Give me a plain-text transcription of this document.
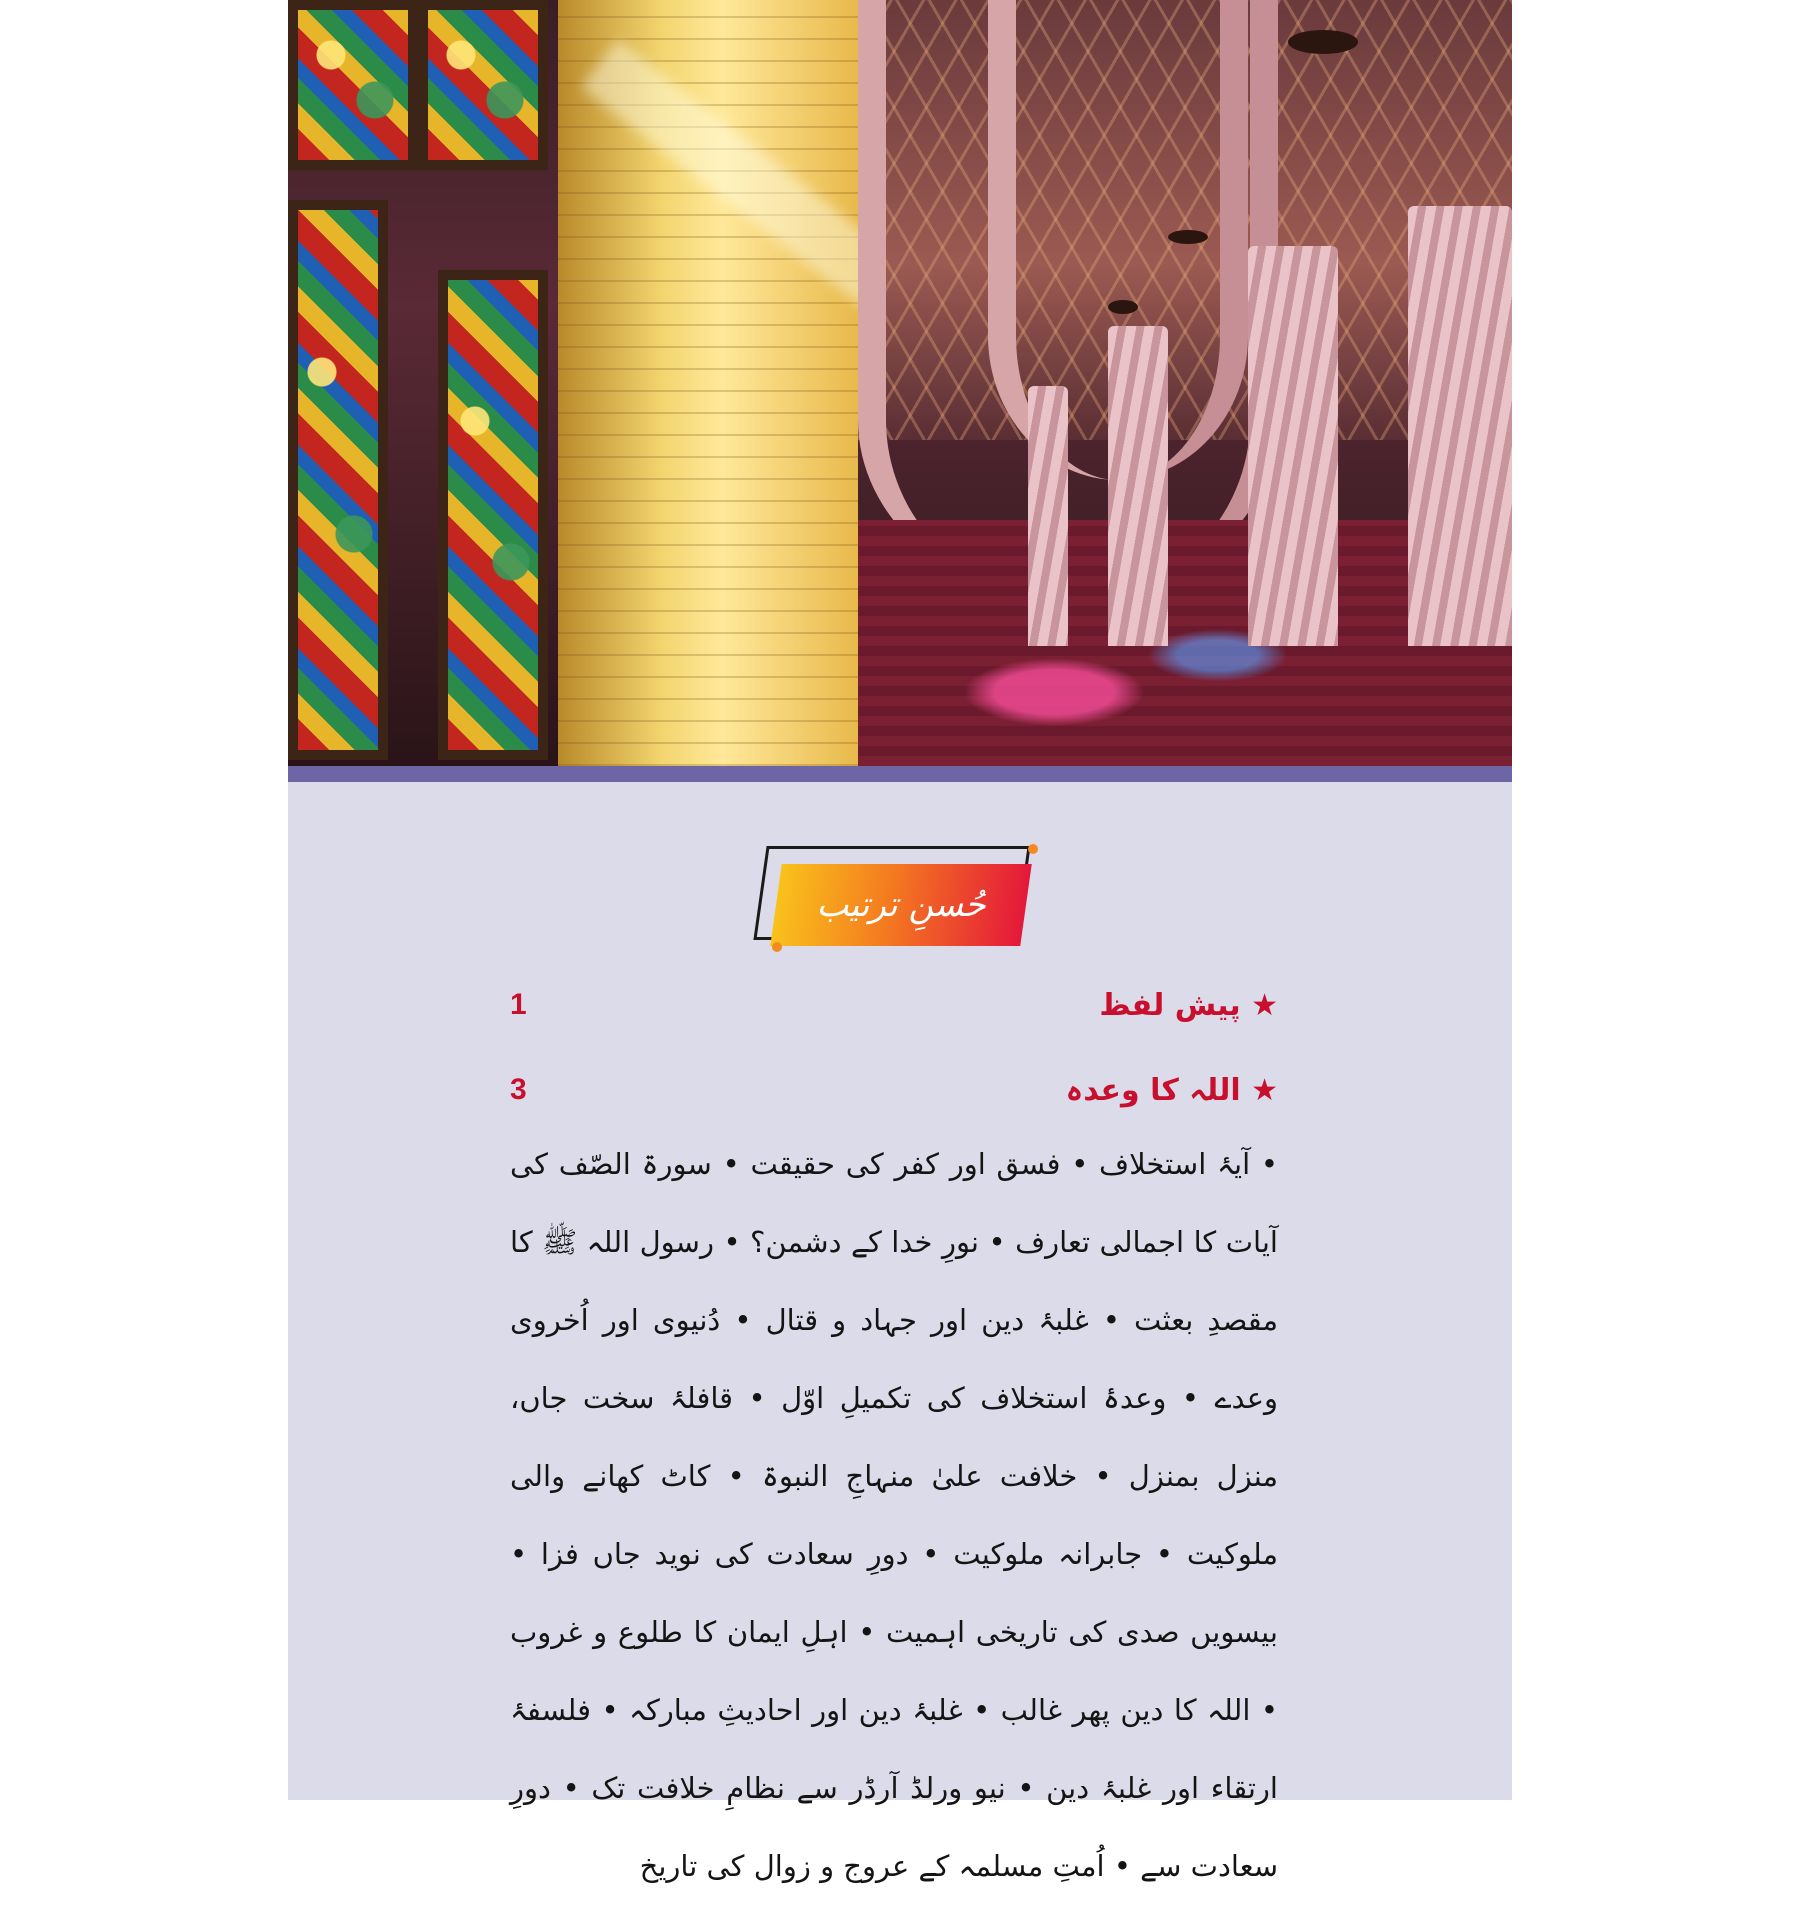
حُسنِ ترتیب
★ پیش لفظ
1
★ اللہ کا وعدہ
3
• آیۂ استخلاف • فسق اور کفر کی حقیقت • سورۃ الصّف کی آیات کا اجمالی تعارف • نورِ خدا کے دشمن؟ • رسول اللہ ﷺ کا مقصدِ بعثت • غلبۂ دین اور جہاد و قتال • دُنیوی اور اُخروی وعدے • وعدۂ استخلاف کی تکمیلِ اوّل • قافلۂ سخت جاں، منزل بمنزل • خلافت علیٰ منہاجِ النبوۃ • کاٹ کھانے والی ملوکیت • جابرانہ ملوکیت • دورِ سعادت کی نوید جاں فزا • بیسویں صدی کی تاریخی اہمیت • اہلِ ایمان کا طلوع و غروب • اللہ کا دین پھر غالب • غلبۂ دین اور احادیثِ مبارکہ • فلسفۂ ارتقاء اور غلبۂ دین • نیو ورلڈ آرڈر سے نظامِ خلافت تک • دورِ سعادت سے • اُمتِ مسلمہ کے عروج و زوال کی تاریخ
